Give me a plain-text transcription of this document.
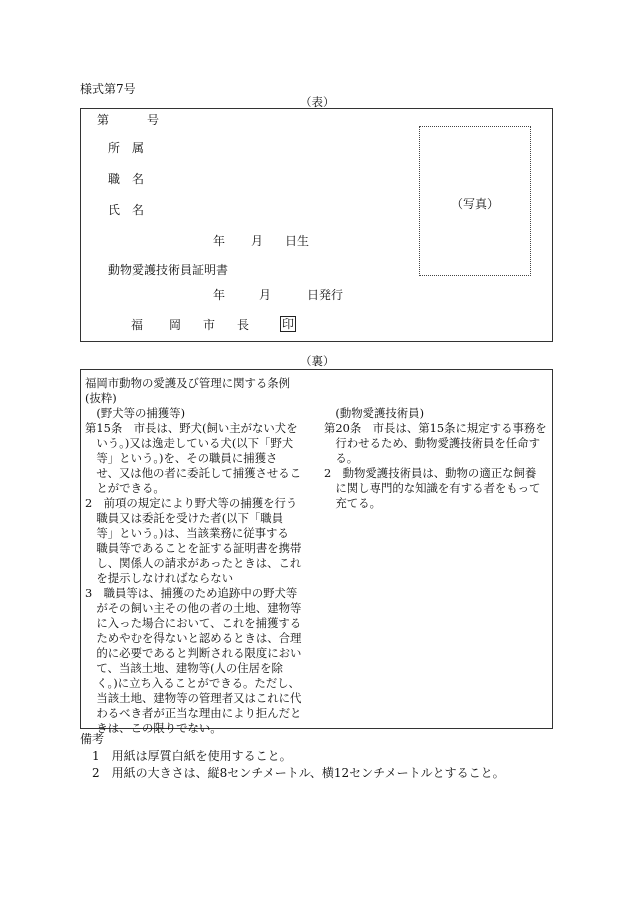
様式第7号
（表）
第	号
所　属
職　名
氏　名
年 月 日生
動物愛護技術員証明書
年	月	日発行
福 岡 市 長	印
（写真）
（裏）
福岡市動物の愛護及び管理に関する条例
(抜粋)
　(野犬等の捕獲等)
第15条　市長は、野犬(飼い主がない犬を
　いう。)又は逸走している犬(以下「野犬
　等」という。)を、その職員に捕獲さ
　せ、又は他の者に委託して捕獲させるこ
　とができる。
2　前項の規定により野犬等の捕獲を行う
　職員又は委託を受けた者(以下「職員
　等」という。)は、当該業務に従事する
　職員等であることを証する証明書を携帯
　し、関係人の請求があったときは、これ
　を提示しなければならない
3　職員等は、捕獲のため追跡中の野犬等
　がその飼い主その他の者の土地、建物等
　に入った場合において、これを捕獲する
　ためやむを得ないと認めるときは、合理
　的に必要であると判断される限度におい
　て、当該土地、建物等(人の住居を除
　く。)に立ち入ることができる。ただし、
　当該土地、建物等の管理者又はこれに代
　わるべき者が正当な理由により拒んだと
　きは、この限りでない。
　(動物愛護技術員)
第20条　市長は、第15条に規定する事務を
　行わせるため、動物愛護技術員を任命す
　る。
2　動物愛護技術員は、動物の適正な飼養
　に関し専門的な知識を有する者をもって
　充てる。
備考
　1　用紙は厚質白紙を使用すること。
　2　用紙の大きさは、縦8センチメートル、横12センチメートルとすること。
